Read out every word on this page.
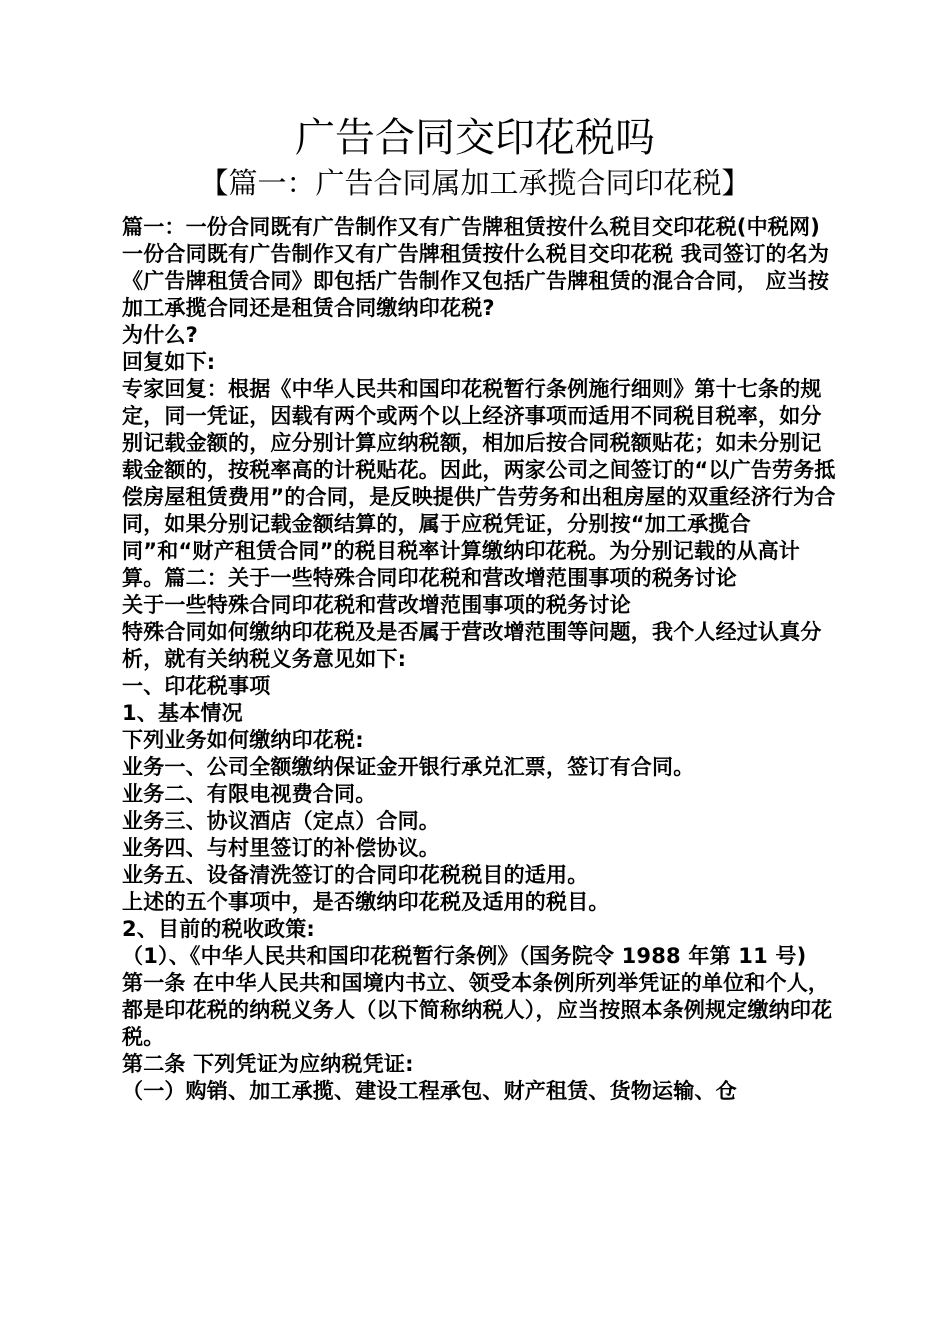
广告合同交印花税吗
【篇一：广告合同属加工承揽合同印花税】

篇一：一份合同既有广告制作又有广告牌租赁按什么税目交印花税(中税网)

一份合同既有广告制作又有广告牌租赁按什么税目交印花税 我司签订的名为《广告牌租赁合同》即包括广告制作又包括广告牌租赁的混合合同， 应当按加工承揽合同还是租赁合同缴纳印花税?

为什么?

回复如下:

专家回复：根据《中华人民共和国印花税暂行条例施行细则》第十七条的规定，同一凭证，因载有两个或两个以上经济事项而适用不同税目税率，如分别记载金额的，应分别计算应纳税额，相加后按合同税额贴花；如未分别记载金额的，按税率高的计税贴花。因此，两家公司之间签订的“以广告劳务抵偿房屋租赁费用”的合同，是反映提供广告劳务和出租房屋的双重经济行为合同，如果分别记载金额结算的，属于应税凭证，分别按“加工承揽合同”和“财产租赁合同”的税目税率计算缴纳印花税。为分别记载的从高计算。篇二：关于一些特殊合同印花税和营改增范围事项的税务讨论

关于一些特殊合同印花税和营改增范围事项的税务讨论

特殊合同如何缴纳印花税及是否属于营改增范围等问题，我个人经过认真分析，就有关纳税义务意见如下:

一、印花税事项

1、基本情况

下列业务如何缴纳印花税:

业务一、公司全额缴纳保证金开银行承兑汇票，签订有合同。

业务二、有限电视费合同。

业务三、协议酒店（定点）合同。

业务四、与村里签订的补偿协议。

业务五、设备清洗签订的合同印花税税目的适用。

上述的五个事项中，是否缴纳印花税及适用的税目。

2、目前的税收政策:

（1）、《中华人民共和国印花税暂行条例》（国务院令 1988 年第 11 号)

第一条 在中华人民共和国境内书立、领受本条例所列举凭证的单位和个人，都是印花税的纳税义务人（以下简称纳税人），应当按照本条例规定缴纳印花税。

第二条 下列凭证为应纳税凭证:

（一）购销、加工承揽、建设工程承包、财产租赁、货物运输、仓
